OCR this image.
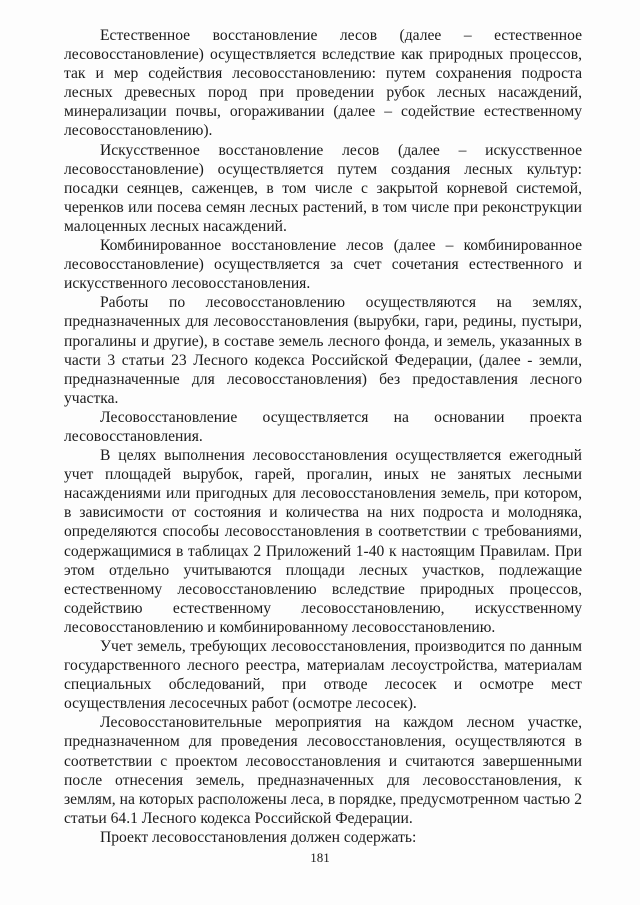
Естественное восстановление лесов (далее – естественное лесовосстановление) осуществляется вследствие как природных процессов, так и мер содействия лесовосстановлению: путем сохранения подроста лесных древесных пород при проведении рубок лесных насаждений, минерализации почвы, огораживании (далее – содействие естественному лесовосстановлению).

Искусственное восстановление лесов (далее – искусственное лесовосстановление) осуществляется путем создания лесных культур: посадки сеянцев, саженцев, в том числе с закрытой корневой системой, черенков или посева семян лесных растений, в том числе при реконструкции малоценных лесных насаждений.

Комбинированное восстановление лесов (далее – комбинированное лесовосстановление) осуществляется за счет сочетания естественного и искусственного лесовосстановления.

Работы по лесовосстановлению осуществляются на землях, предназначенных для лесовосстановления (вырубки, гари, редины, пустыри, прогалины и другие), в составе земель лесного фонда, и земель, указанных в части 3 статьи 23 Лесного кодекса Российской Федерации, (далее - земли, предназначенные для лесовосстановления) без предоставления лесного участка.

Лесовосстановление осуществляется на основании проекта лесовосстановления.

В целях выполнения лесовосстановления осуществляется ежегодный учет площадей вырубок, гарей, прогалин, иных не занятых лесными насаждениями или пригодных для лесовосстановления земель, при котором, в зависимости от состояния и количества на них подроста и молодняка, определяются способы лесовосстановления в соответствии с требованиями, содержащимися в таблицах 2 Приложений 1-40 к настоящим Правилам. При этом отдельно учитываются площади лесных участков, подлежащие естественному лесовосстановлению вследствие природных процессов, содействию естественному лесовосстановлению, искусственному лесовосстановлению и комбинированному лесовосстановлению.

Учет земель, требующих лесовосстановления, производится по данным государственного лесного реестра, материалам лесоустройства, материалам специальных обследований, при отводе лесосек и осмотре мест осуществления лесосечных работ (осмотре лесосек).

Лесовосстановительные мероприятия на каждом лесном участке, предназначенном для проведения лесовосстановления, осуществляются в соответствии с проектом лесовосстановления и считаются завершенными после отнесения земель, предназначенных для лесовосстановления, к землям, на которых расположены леса, в порядке, предусмотренном частью 2 статьи 64.1 Лесного кодекса Российской Федерации.

Проект лесовосстановления должен содержать:

181
